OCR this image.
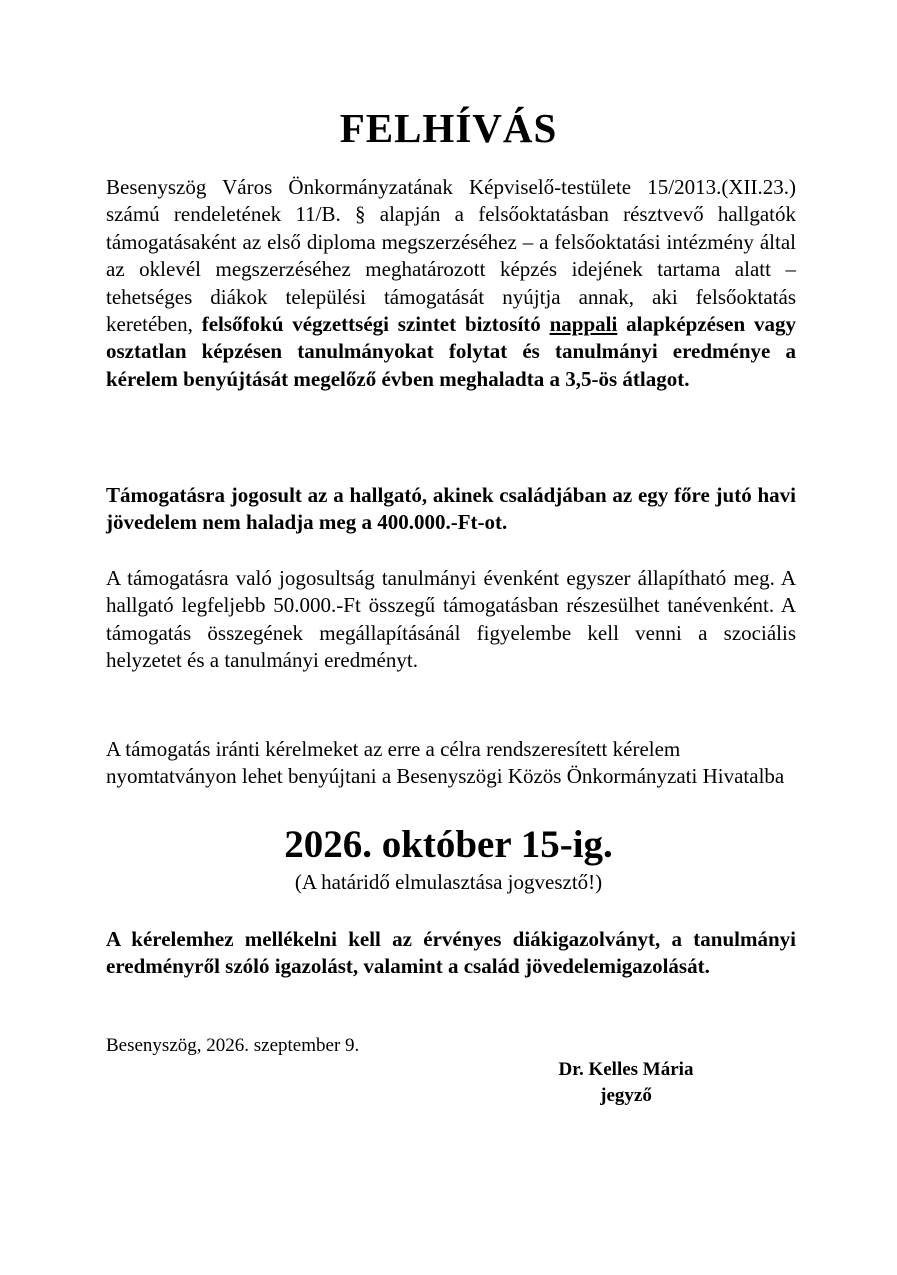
FELHÍVÁS
Besenyszög Város Önkormányzatának Képviselő-testülete 15/2013.(XII.23.) számú rendeletének 11/B. § alapján a felsőoktatásban résztvevő hallgatók támogatásaként az első diploma megszerzéséhez – a felsőoktatási intézmény által az oklevél megszerzéséhez meghatározott képzés idejének tartama alatt – tehetséges diákok települési támogatását nyújtja annak, aki felsőoktatás keretében, felsőfokú végzettségi szintet biztosító nappali alapképzésen vagy osztatlan képzésen tanulmányokat folytat és tanulmányi eredménye a kérelem benyújtását megelőző évben meghaladta a 3,5-ös átlagot.
Támogatásra jogosult az a hallgató, akinek családjában az egy főre jutó havi jövedelem nem haladja meg a 400.000.-Ft-ot.
A támogatásra való jogosultság tanulmányi évenként egyszer állapítható meg. A hallgató legfeljebb 50.000.-Ft összegű támogatásban részesülhet tanévenként. A támogatás összegének megállapításánál figyelembe kell venni a szociális helyzetet és a tanulmányi eredményt.
A támogatás iránti kérelmeket az erre a célra rendszeresített kérelem nyomtatványon lehet benyújtani a Besenyszögi Közös Önkormányzati Hivatalba
2026. október 15-ig.
(A határidő elmulasztása jogvesztő!)
A kérelemhez mellékelni kell az érvényes diákigazolványt, a tanulmányi eredményről szóló igazolást, valamint a család jövedelemigazolását.
Besenyszög, 2026. szeptember 9.
Dr. Kelles Mária
jegyző
